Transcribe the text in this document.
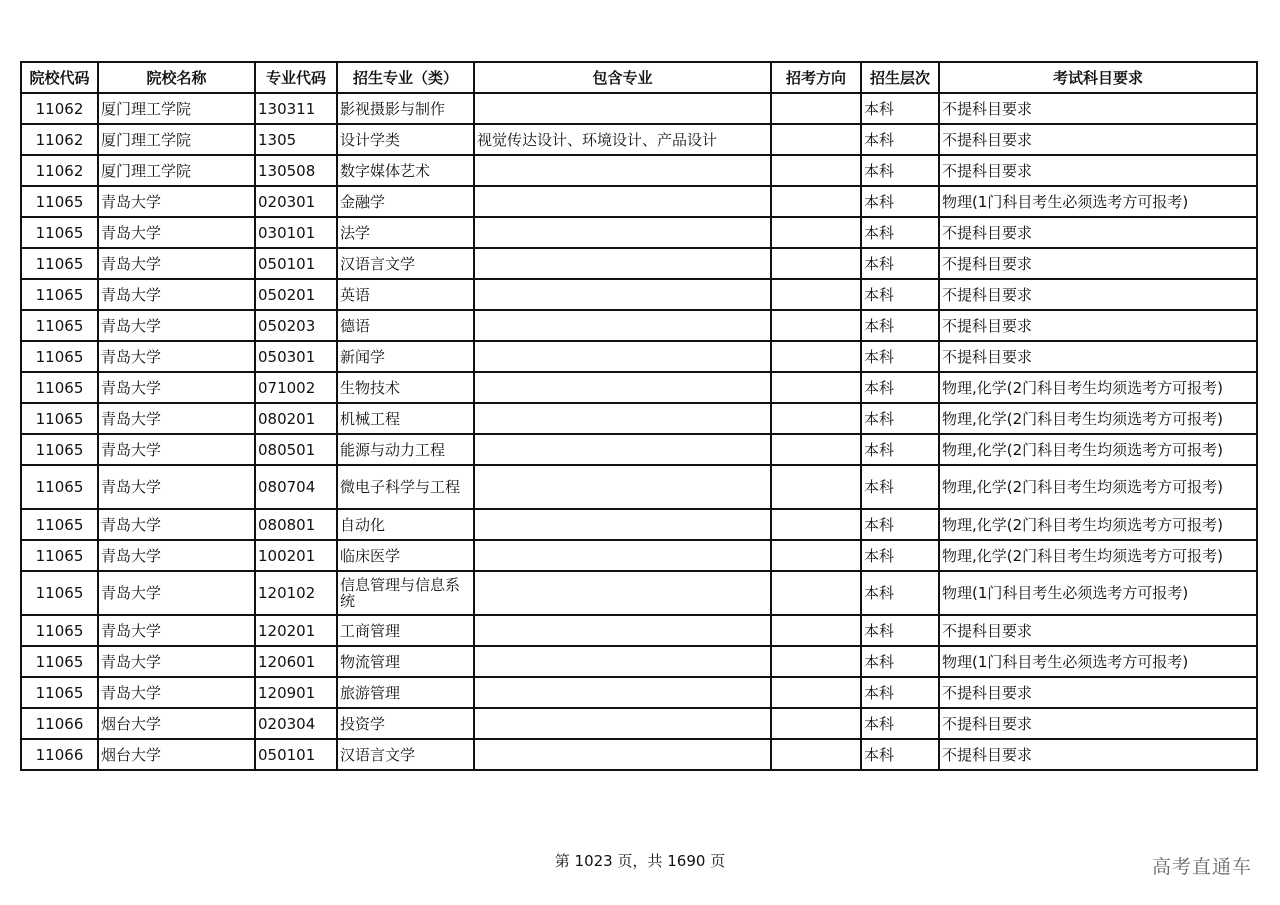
院校代码	院校名称	专业代码	招生专业（类）	包含专业	招考方向	招生层次	考试科目要求
11062	厦门理工学院	130311	影视摄影与制作			本科	不提科目要求
11062	厦门理工学院	1305	设计学类	视觉传达设计、环境设计、产品设计		本科	不提科目要求
11062	厦门理工学院	130508	数字媒体艺术			本科	不提科目要求
11065	青岛大学	020301	金融学			本科	物理(1门科目考生必须选考方可报考)
11065	青岛大学	030101	法学			本科	不提科目要求
11065	青岛大学	050101	汉语言文学			本科	不提科目要求
11065	青岛大学	050201	英语			本科	不提科目要求
11065	青岛大学	050203	德语			本科	不提科目要求
11065	青岛大学	050301	新闻学			本科	不提科目要求
11065	青岛大学	071002	生物技术			本科	物理,化学(2门科目考生均须选考方可报考)
11065	青岛大学	080201	机械工程			本科	物理,化学(2门科目考生均须选考方可报考)
11065	青岛大学	080501	能源与动力工程			本科	物理,化学(2门科目考生均须选考方可报考)
11065	青岛大学	080704	微电子科学与工程			本科	物理,化学(2门科目考生均须选考方可报考)
11065	青岛大学	080801	自动化			本科	物理,化学(2门科目考生均须选考方可报考)
11065	青岛大学	100201	临床医学			本科	物理,化学(2门科目考生均须选考方可报考)
11065	青岛大学	120102	信息管理与信息系统			本科	物理(1门科目考生必须选考方可报考)
11065	青岛大学	120201	工商管理			本科	不提科目要求
11065	青岛大学	120601	物流管理			本科	物理(1门科目考生必须选考方可报考)
11065	青岛大学	120901	旅游管理			本科	不提科目要求
11066	烟台大学	020304	投资学			本科	不提科目要求
11066	烟台大学	050101	汉语言文学			本科	不提科目要求
第 1023 页，共 1690 页	高考直通车
